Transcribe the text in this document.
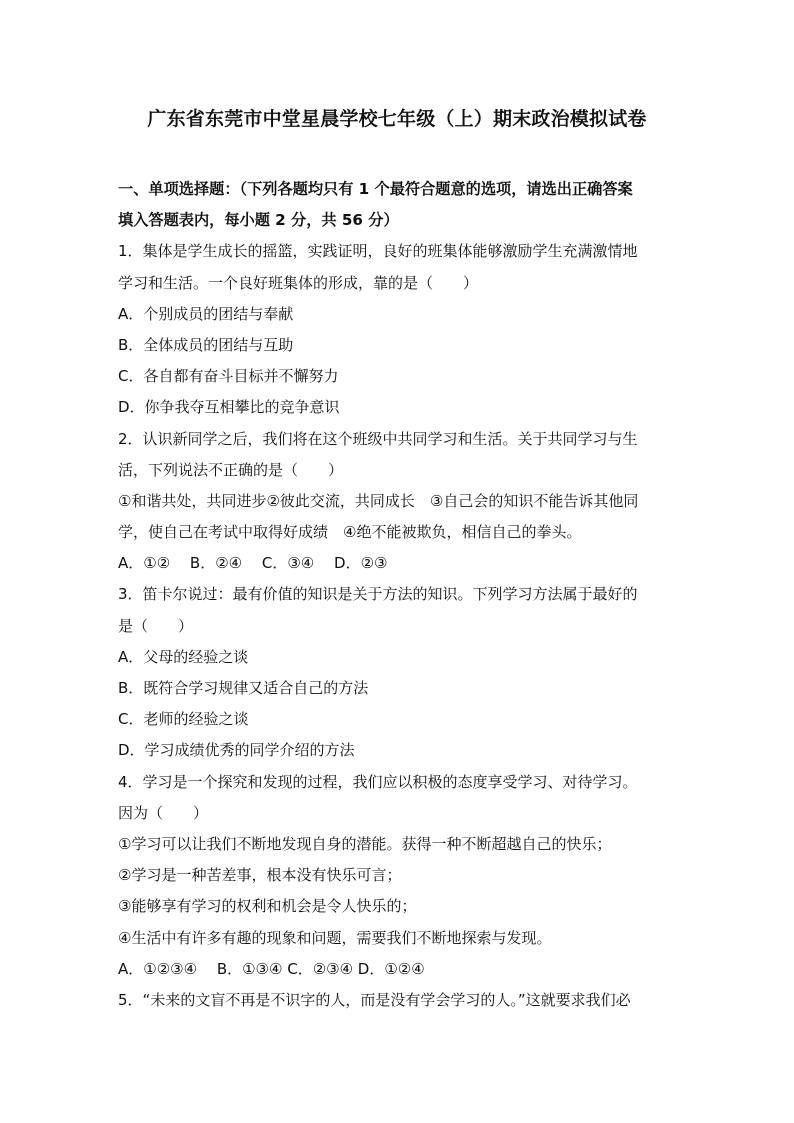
广东省东莞市中堂星晨学校七年级（上）期末政治模拟试卷
一、单项选择题：（下列各题均只有 1 个最符合题意的选项，请选出正确答案
填入答题表内，每小题 2 分，共 56 分）
1．集体是学生成长的摇篮，实践证明，良好的班集体能够激励学生充满激情地
学习和生活。一个良好班集体的形成，靠的是（　　）
A．个别成员的团结与奉献
B．全体成员的团结与互助
C．各自都有奋斗目标并不懈努力
D．你争我夺互相攀比的竞争意识
2．认识新同学之后，我们将在这个班级中共同学习和生活。关于共同学习与生
活，下列说法不正确的是（　　）
①和谐共处，共同进步②彼此交流，共同成长　③自己会的知识不能告诉其他同
学，使自己在考试中取得好成绩　④绝不能被欺负，相信自己的拳头。
A．①②　 B．②④　 C．③④　 D．②③
3．笛卡尔说过：最有价值的知识是关于方法的知识。下列学习方法属于最好的
是（　　）
A．父母的经验之谈
B．既符合学习规律又适合自己的方法
C．老师的经验之谈
D．学习成绩优秀的同学介绍的方法
4．学习是一个探究和发现的过程，我们应以积极的态度享受学习、对待学习。
因为（　　）
①学习可以让我们不断地发现自身的潜能。获得一种不断超越自己的快乐；
②学习是一种苦差事，根本没有快乐可言；
③能够享有学习的权利和机会是令人快乐的；
④生活中有许多有趣的现象和问题，需要我们不断地探索与发现。
A．①②③④　 B．①③④ C．②③④ D．①②④
5．“未来的文盲不再是不识字的人，而是没有学会学习的人。”这就要求我们必
